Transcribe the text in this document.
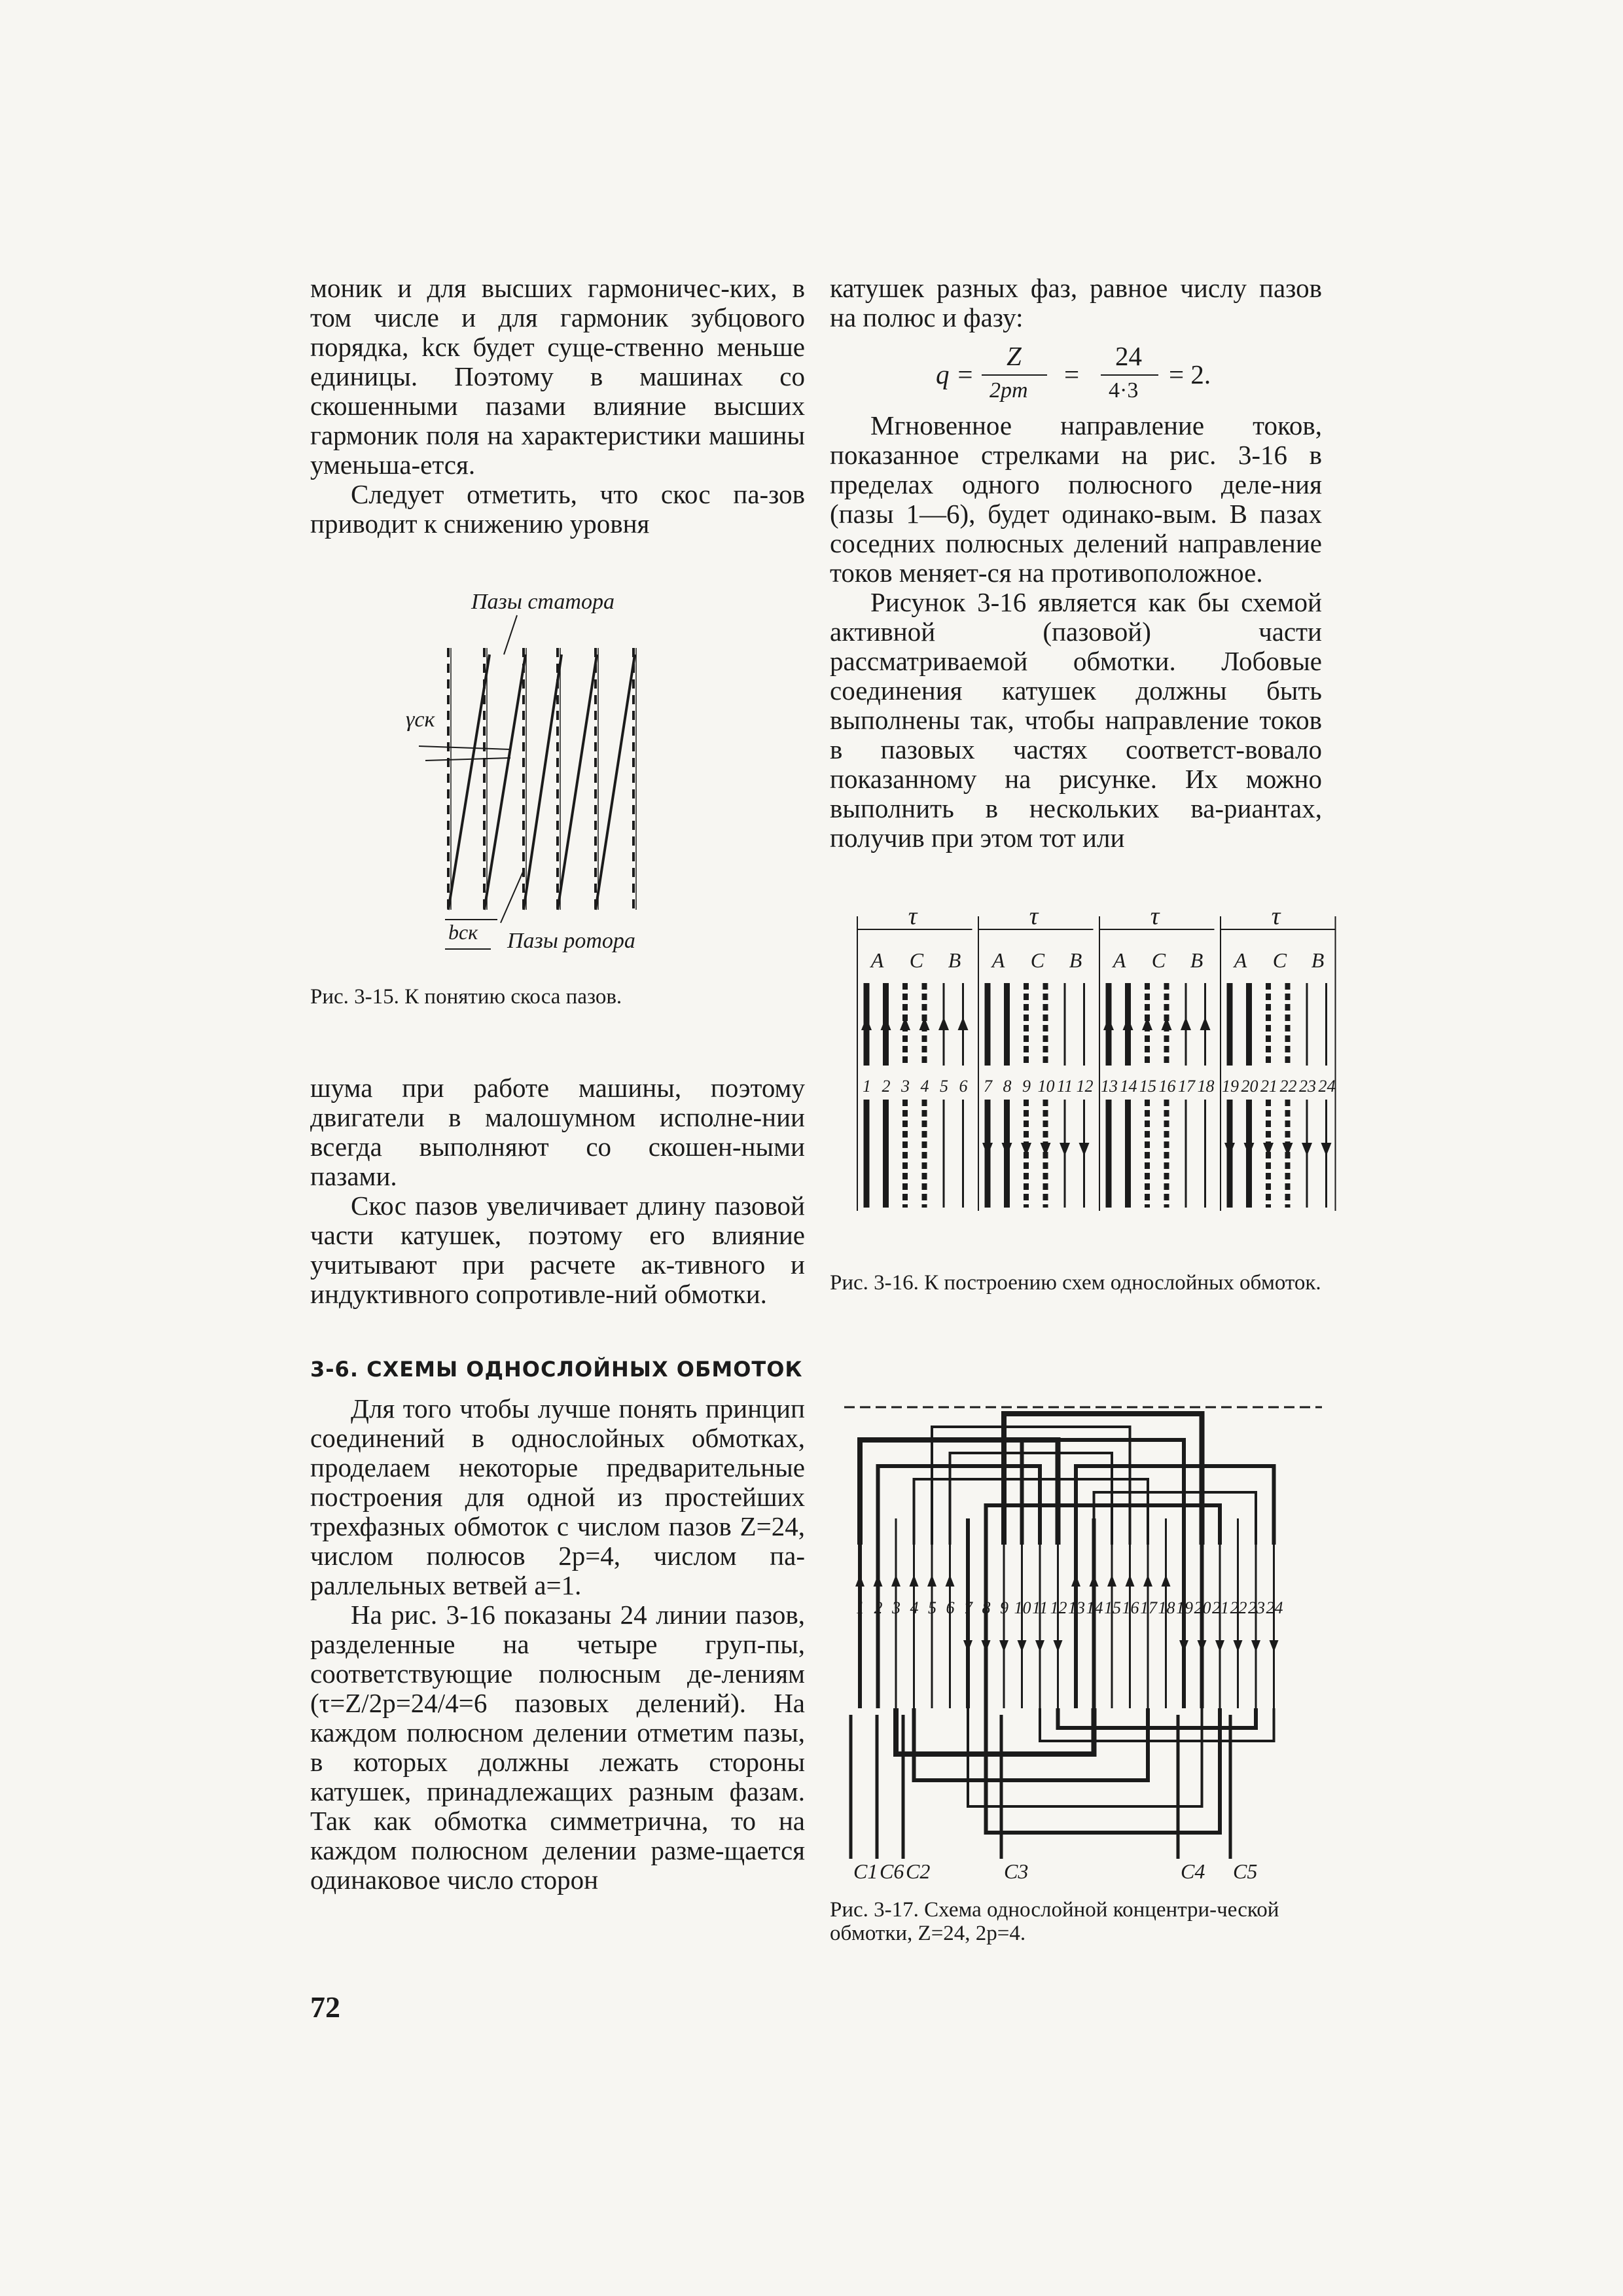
моник и для высших гармоничес-ких, в том числе и для гармоник зубцового порядка, kск будет суще-ственно меньше единицы. Поэтому в машинах со скошенными пазами влияние высших гармоник поля на характеристики машины уменьша-ется.

Следует отметить, что скос па-зов приводит к снижению уровня

шума при работе машины, поэтому двигатели в малошумном исполне-нии всегда выполняют со скошен-ными пазами.

Скос пазов увеличивает длину пазовой части катушек, поэтому его влияние учитывают при расчете ак-тивного и индуктивного сопротивле-ний обмотки.

3-6. СХЕМЫ ОДНОСЛОЙНЫХ ОБМОТОК

Для того чтобы лучше понять принцип соединений в однослойных обмотках, проделаем некоторые предварительные построения для одной из простейших трехфазных обмоток с числом пазов Z=24, числом полюсов 2p=4, числом па-раллельных ветвей a=1.

На рис. 3-16 показаны 24 линии пазов, разделенные на четыре груп-пы, соответствующие полюсным де-лениям (τ=Z/2p=24/4=6 пазовых делений). На каждом полюсном делении отметим пазы, в которых должны лежать стороны катушек, принадлежащих разным фазам. Так как обмотка симметрична, то на каждом полюсном делении разме-щается одинаковое число сторон

72

катушек разных фаз, равное числу пазов на полюс и фазу:

q =
Z
2pm
=
24
4·3
= 2.

Мгновенное направление токов, показанное стрелками на рис. 3-16 в пределах одного полюсного деле-ния (пазы 1—6), будет одинако-вым. В пазах соседних полюсных делений направление токов меняет-ся на противоположное.

Рисунок 3-16 является как бы схемой активной (пазовой) части рассматриваемой обмотки. Лобовые соединения катушек должны быть выполнены так, чтобы направление токов в пазовых частях соответст-вовало показанному на рисунке. Их можно выполнить в нескольких ва-риантах, получив при этом тот или

Пазы статора
γск
bск Пазы ротора
Рис. 3-15. К понятию скоса пазов.
τ	τ	τ	τ
A C B A C B A C B A C B
1 2 3 4 5 6 7 8 9 10 11 12 13 14 15 16 17 18 19 20 21 22 23 24
Рис. 3-16. К построению схем однослойных обмоток.
1 2 3 4 5 6 7 8 9 10 11 12 13 14 15 16 17 18 19 20 21 22 23 24
C1 C6 C2	C3	C4 C5
Рис. 3-17. Схема однослойной концентри-ческой обмотки, Z=24, 2p=4.
